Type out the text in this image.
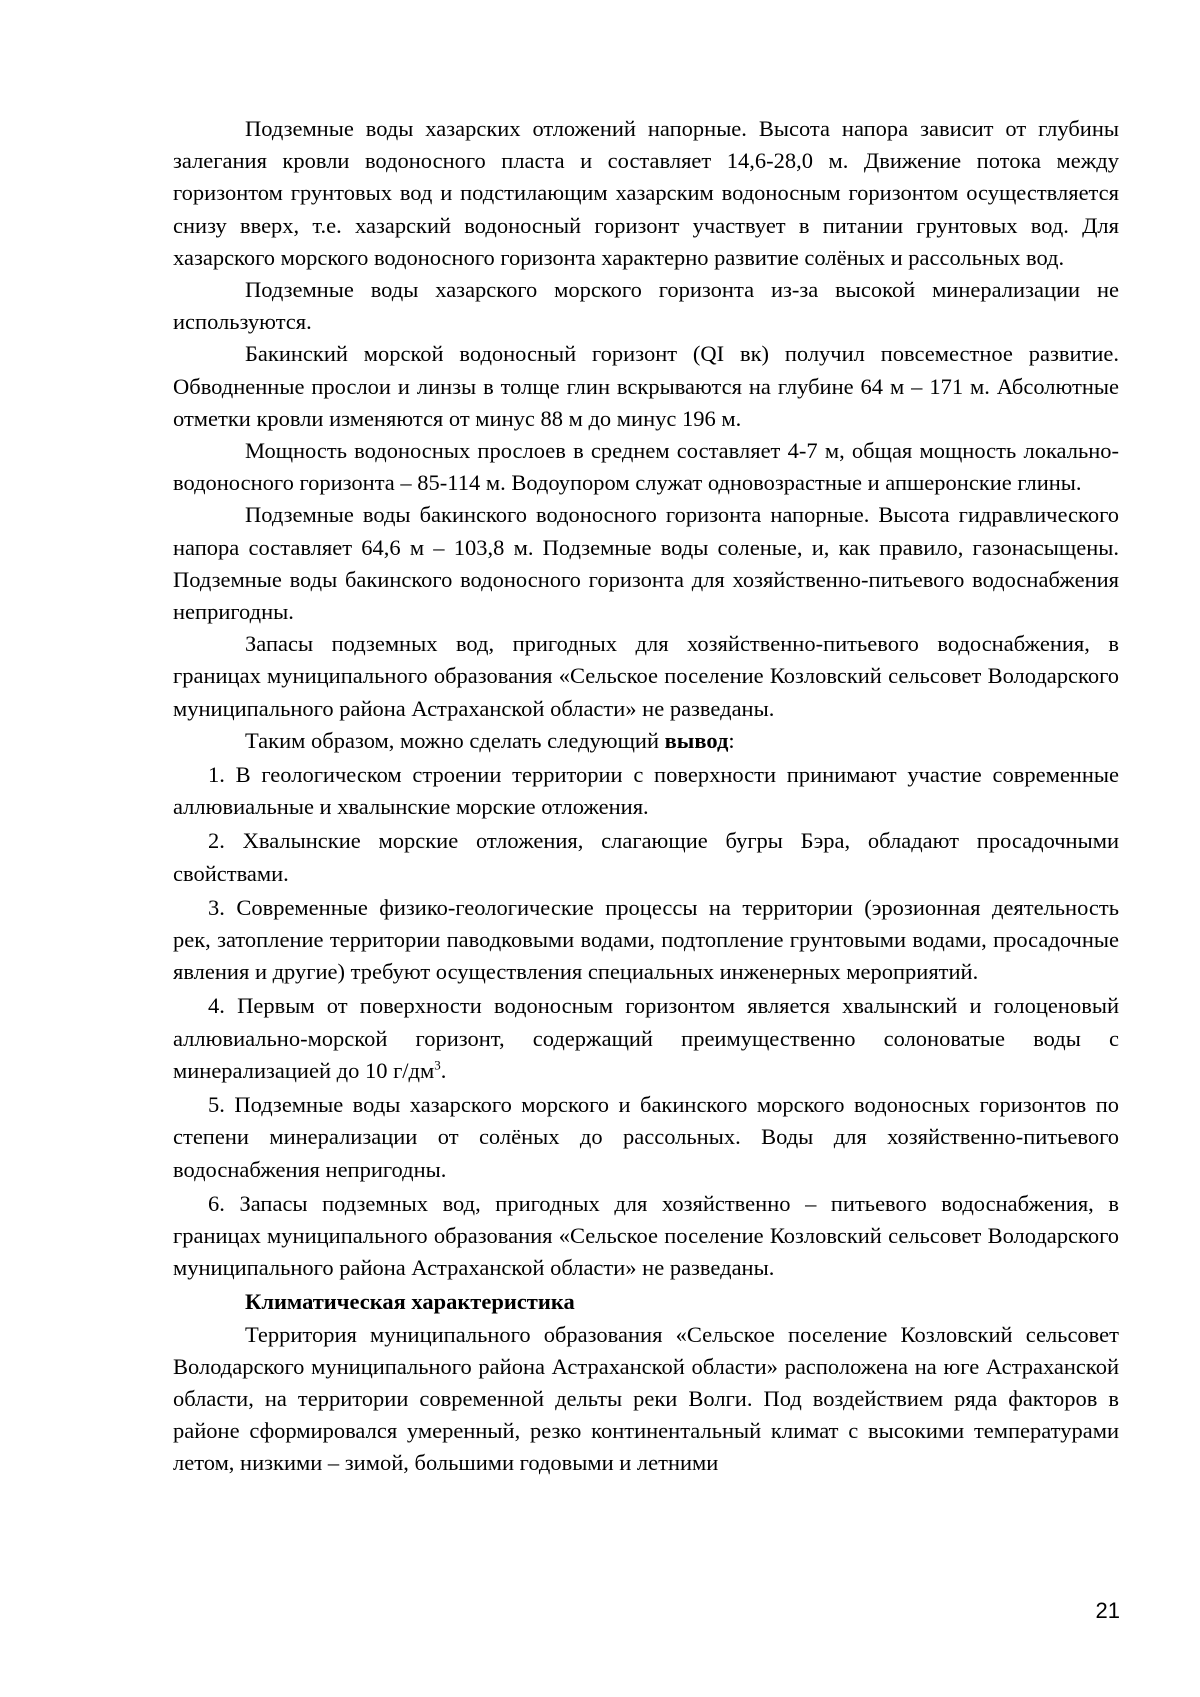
Подземные воды хазарских отложений напорные. Высота напора зависит от глубины залегания кровли водоносного пласта и составляет 14,6-28,0 м. Движение потока между горизонтом грунтовых вод и подстилающим хазарским водоносным горизонтом осуществляется снизу вверх, т.е. хазарский водоносный горизонт участвует в питании грунтовых вод. Для хазарского морского водоносного горизонта характерно развитие солёных и рассольных вод.

Подземные воды хазарского морского горизонта из-за высокой минерализации не используются.

Бакинский морской водоносный горизонт (QI вк) получил повсеместное развитие. Обводненные прослои и линзы в толще глин вскрываются на глубине 64 м – 171 м. Абсолютные отметки кровли изменяются от минус 88 м до минус 196 м.

Мощность водоносных прослоев в среднем составляет 4-7 м, общая мощность локально-водоносного горизонта – 85-114 м. Водоупором служат одновозрастные и апшеронские глины.

Подземные воды бакинского водоносного горизонта напорные. Высота гидравлического напора составляет 64,6 м – 103,8 м. Подземные воды соленые, и, как правило, газонасыщены. Подземные воды бакинского водоносного горизонта для хозяйственно-питьевого водоснабжения непригодны.

Запасы подземных вод, пригодных для хозяйственно-питьевого водоснабжения, в границах муниципального образования «Сельское поселение Козловский сельсовет Володарского муниципального района Астраханской области» не разведаны.

Таким образом, можно сделать следующий вывод:

1. В геологическом строении территории с поверхности принимают участие современные аллювиальные и хвалынские морские отложения.

2. Хвалынские морские отложения, слагающие бугры Бэра, обладают просадочными свойствами.

3. Современные физико-геологические процессы на территории (эрозионная деятельность рек, затопление территории паводковыми водами, подтопление грунтовыми водами, просадочные явления и другие) требуют осуществления специальных инженерных мероприятий.

4. Первым от поверхности водоносным горизонтом является хвалынский и голоценовый аллювиально-морской горизонт, содержащий преимущественно солоноватые воды с минерализацией до 10 $г/дм^3$.

5. Подземные воды хазарского морского и бакинского морского водоносных горизонтов по степени минерализации от солёных до рассольных. Воды для хозяйственно-питьевого водоснабжения непригодны.

6. Запасы подземных вод, пригодных для хозяйственно – питьевого водоснабжения, в границах муниципального образования «Сельское поселение Козловский сельсовет Володарского муниципального района Астраханской области» не разведаны.

Климатическая характеристика

Территория муниципального образования «Сельское поселение Козловский сельсовет Володарского муниципального района Астраханской области» расположена на юге Астраханской области, на территории современной дельты реки Волги. Под воздействием ряда факторов в районе сформировался умеренный, резко континентальный климат с высокими температурами летом, низкими – зимой, большими годовыми и летними

21
